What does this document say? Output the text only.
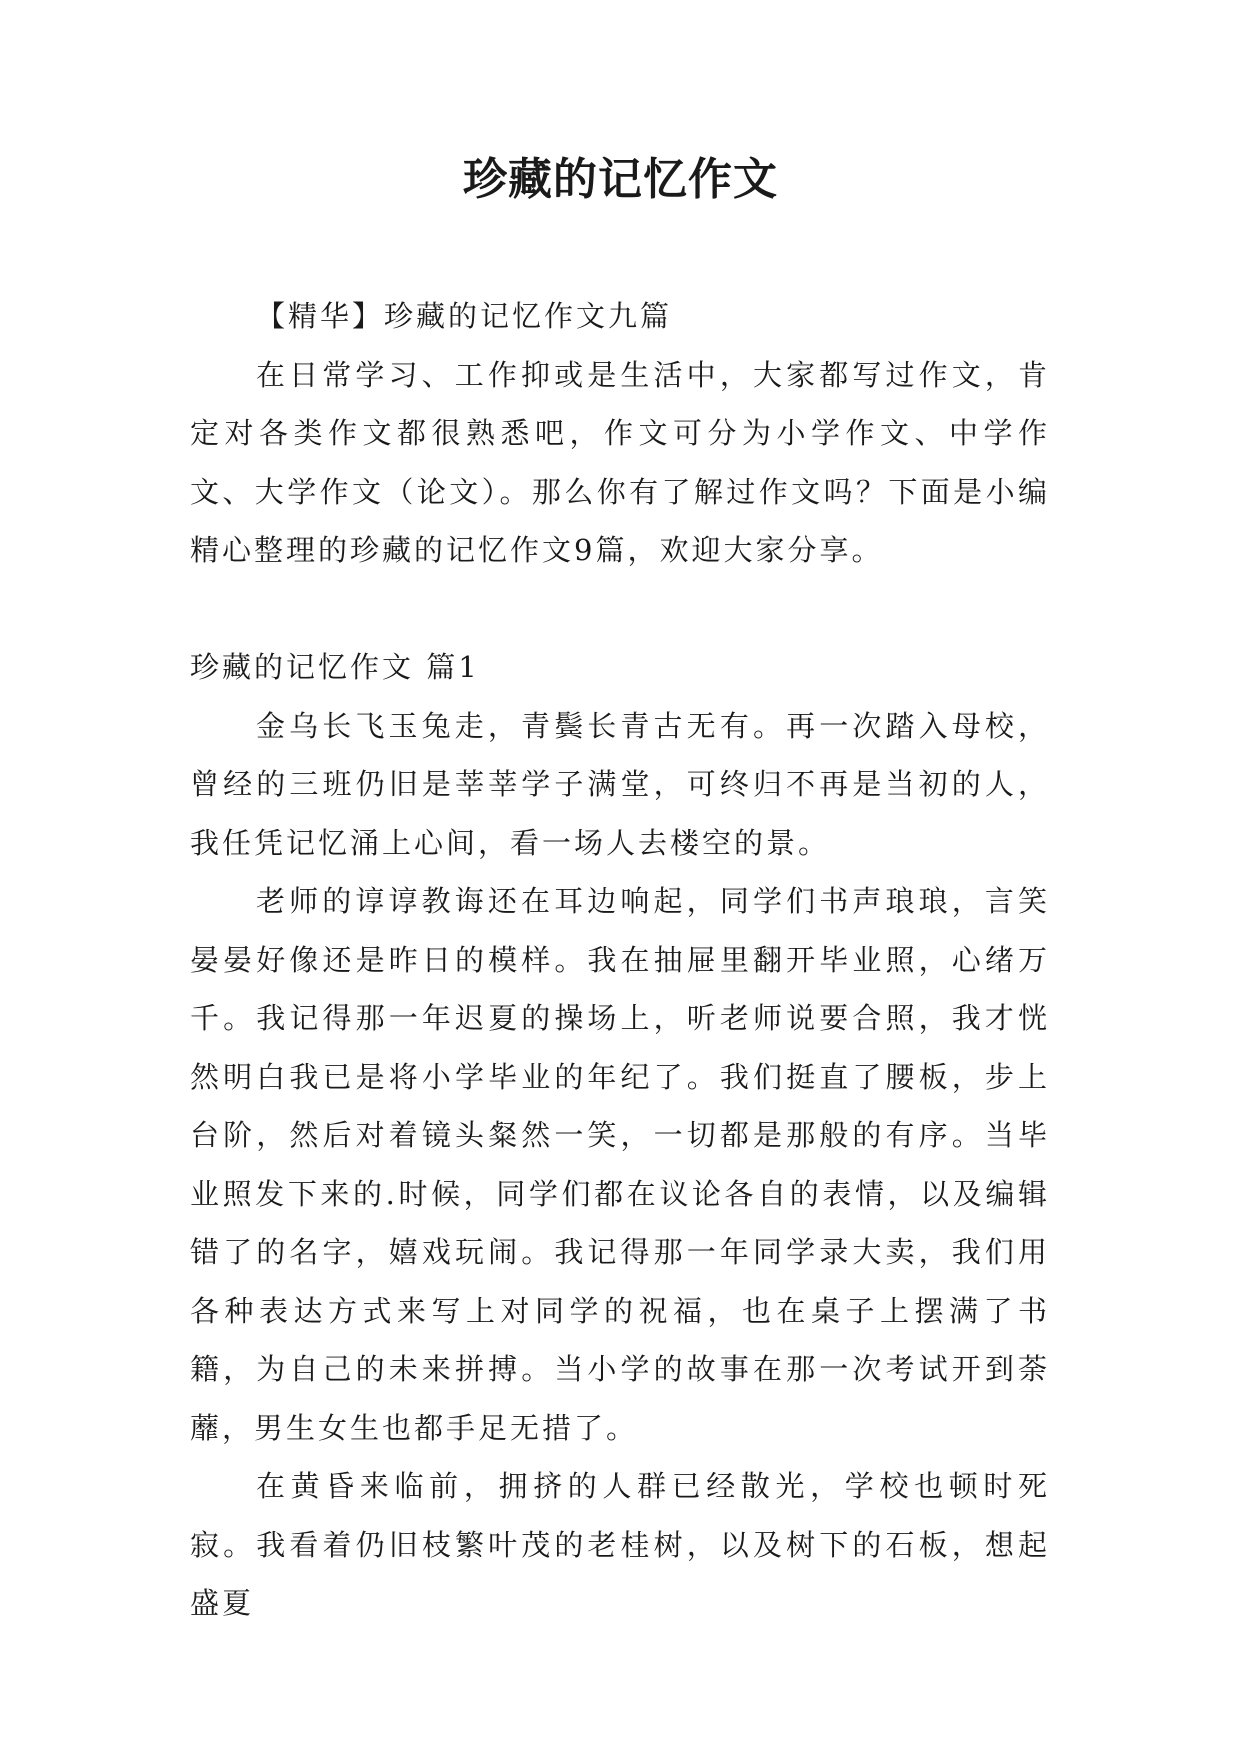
珍藏的记忆作文

【精华】珍藏的记忆作文九篇

在日常学习、工作抑或是生活中，大家都写过作文，肯定对各类作文都很熟悉吧，作文可分为小学作文、中学作文、大学作文（论文）。那么你有了解过作文吗？下面是小编精心整理的珍藏的记忆作文9篇，欢迎大家分享。

珍藏的记忆作文 篇1

金乌长飞玉兔走，青鬓长青古无有。再一次踏入母校，曾经的三班仍旧是莘莘学子满堂，可终归不再是当初的人，我任凭记忆涌上心间，看一场人去楼空的景。

老师的谆谆教诲还在耳边响起，同学们书声琅琅，言笑晏晏好像还是昨日的模样。我在抽屉里翻开毕业照，心绪万千。我记得那一年迟夏的操场上，听老师说要合照，我才恍然明白我已是将小学毕业的年纪了。我们挺直了腰板，步上台阶，然后对着镜头粲然一笑，一切都是那般的有序。当毕业照发下来的.时候，同学们都在议论各自的表情，以及编辑错了的名字，嬉戏玩闹。我记得那一年同学录大卖，我们用各种表达方式来写上对同学的祝福，也在桌子上摆满了书籍，为自己的未来拼搏。当小学的故事在那一次考试开到荼蘼，男生女生也都手足无措了。

在黄昏来临前，拥挤的人群已经散光，学校也顿时死寂。我看着仍旧枝繁叶茂的老桂树，以及树下的石板，想起盛夏
